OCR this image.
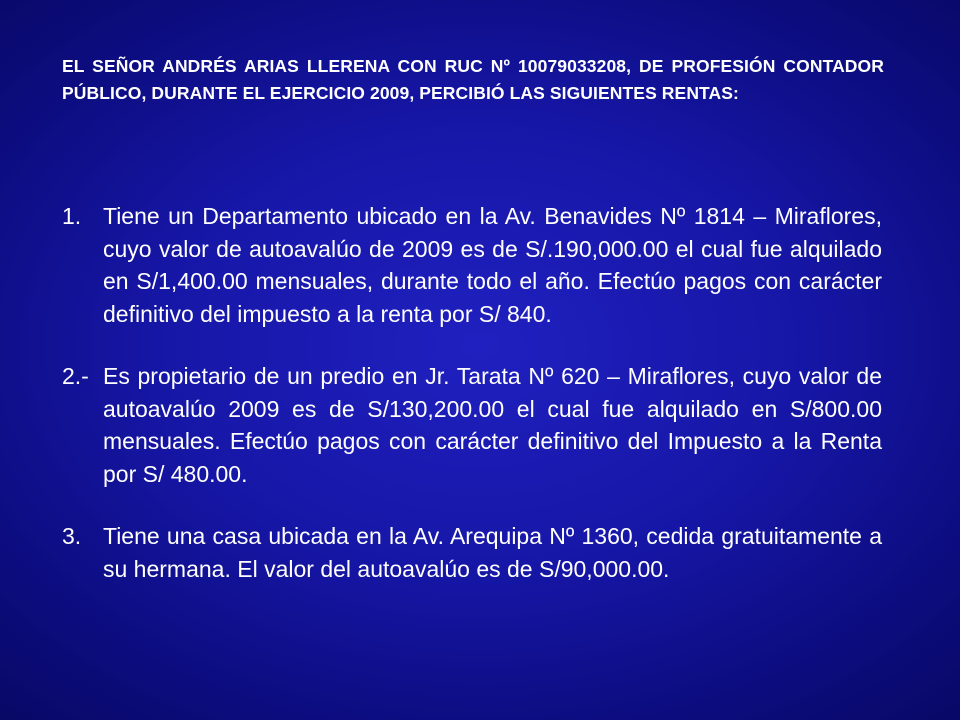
EL SEÑOR ANDRÉS ARIAS LLERENA CON RUC Nº 10079033208, DE PROFESIÓN CONTADOR PÚBLICO, DURANTE EL EJERCICIO 2009, PERCIBIÓ LAS SIGUIENTES RENTAS:

1. Tiene un Departamento ubicado en la Av. Benavides Nº 1814 – Miraflores, cuyo valor de autoavalúo de 2009 es de S/.190,000.00 el cual fue alquilado en S/1,400.00 mensuales, durante todo el año. Efectúo pagos con carácter definitivo del impuesto a la renta por S/ 840.
2.- Es propietario de un predio en Jr. Tarata Nº 620 – Miraflores, cuyo valor de autoavalúo 2009 es de S/130,200.00 el cual fue alquilado en S/800.00 mensuales. Efectúo pagos con carácter definitivo del Impuesto a la Renta por S/ 480.00.
3. Tiene una casa ubicada en la Av. Arequipa Nº 1360, cedida gratuitamente a su hermana. El valor del autoavalúo es de S/90,000.00.
